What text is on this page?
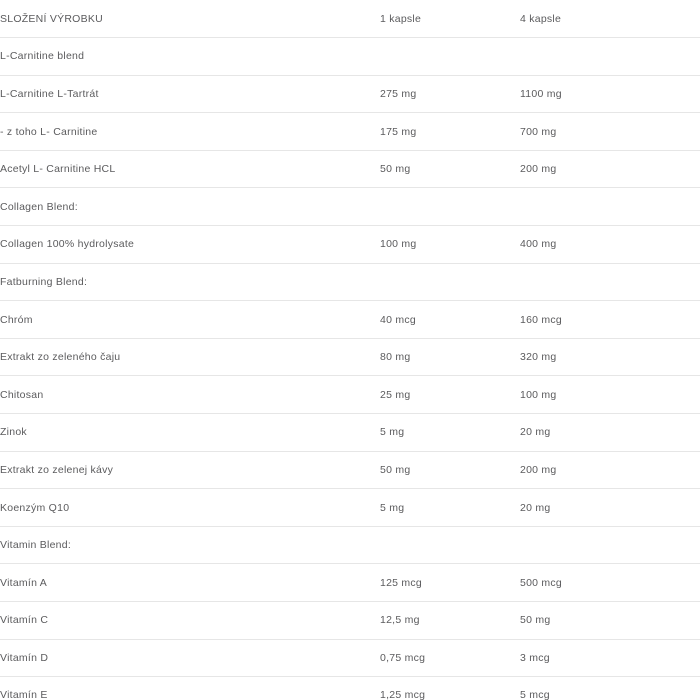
SLOŽENÍ VÝROBKU	1 kapsle	4 kapsle
L-Carnitine blend		
L-Carnitine L-Tartrát	275 mg	1100 mg
- z toho L- Carnitine	175 mg	700 mg
Acetyl L- Carnitine HCL	50 mg	200 mg
Collagen Blend:		
Collagen 100% hydrolysate	100 mg	400 mg
Fatburning Blend:		
Chróm	40 mcg	160 mcg
Extrakt zo zeleného čaju	80 mg	320 mg
Chitosan	25 mg	100 mg
Zinok	5 mg	20 mg
Extrakt zo zelenej kávy	50 mg	200 mg
Koenzým Q10	5 mg	20 mg
Vitamin Blend:		
Vitamín A	125 mcg	500 mcg
Vitamín C	12,5 mg	50 mg
Vitamín D	0,75 mcg	3 mcg
Vitamín E	1,25 mcg	5 mcg
